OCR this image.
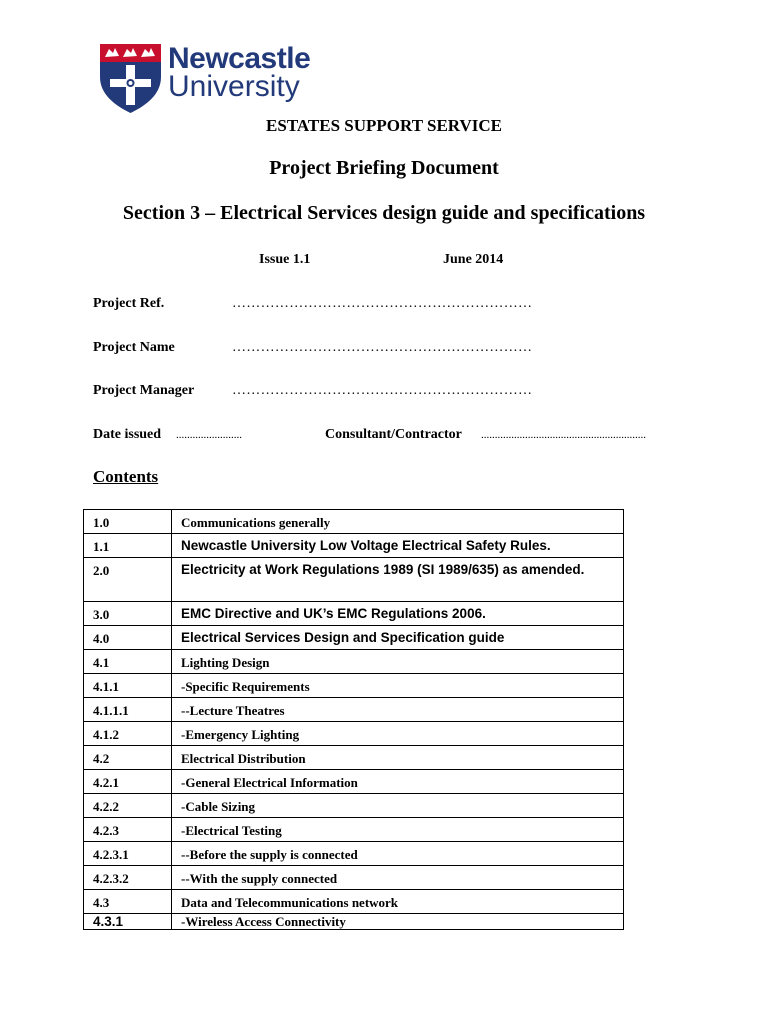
Newcastle
University
ESTATES SUPPORT SERVICE
Project Briefing Document
Section 3 – Electrical Services design guide and specifications
Issue 1.1	June 2014
Project Ref.	………………………………………………………
Project Name	………………………………………………………
Project Manager	………………………………………………………
Date issued ........................	Consultant/Contractor ............................................................
Contents
1.0	Communications generally
1.1	Newcastle University Low Voltage Electrical Safety Rules.
2.0	Electricity at Work Regulations 1989 (SI 1989/635) as amended.
3.0	EMC Directive and UK’s EMC Regulations 2006.
4.0	Electrical Services Design and Specification guide
4.1	Lighting Design
4.1.1	-Specific Requirements
4.1.1.1	--Lecture Theatres
4.1.2	-Emergency Lighting
4.2	Electrical Distribution
4.2.1	-General Electrical Information
4.2.2	-Cable Sizing
4.2.3	-Electrical Testing
4.2.3.1	--Before the supply is connected
4.2.3.2	--With the supply connected
4.3	Data and Telecommunications network
4.3.1	-Wireless Access Connectivity
